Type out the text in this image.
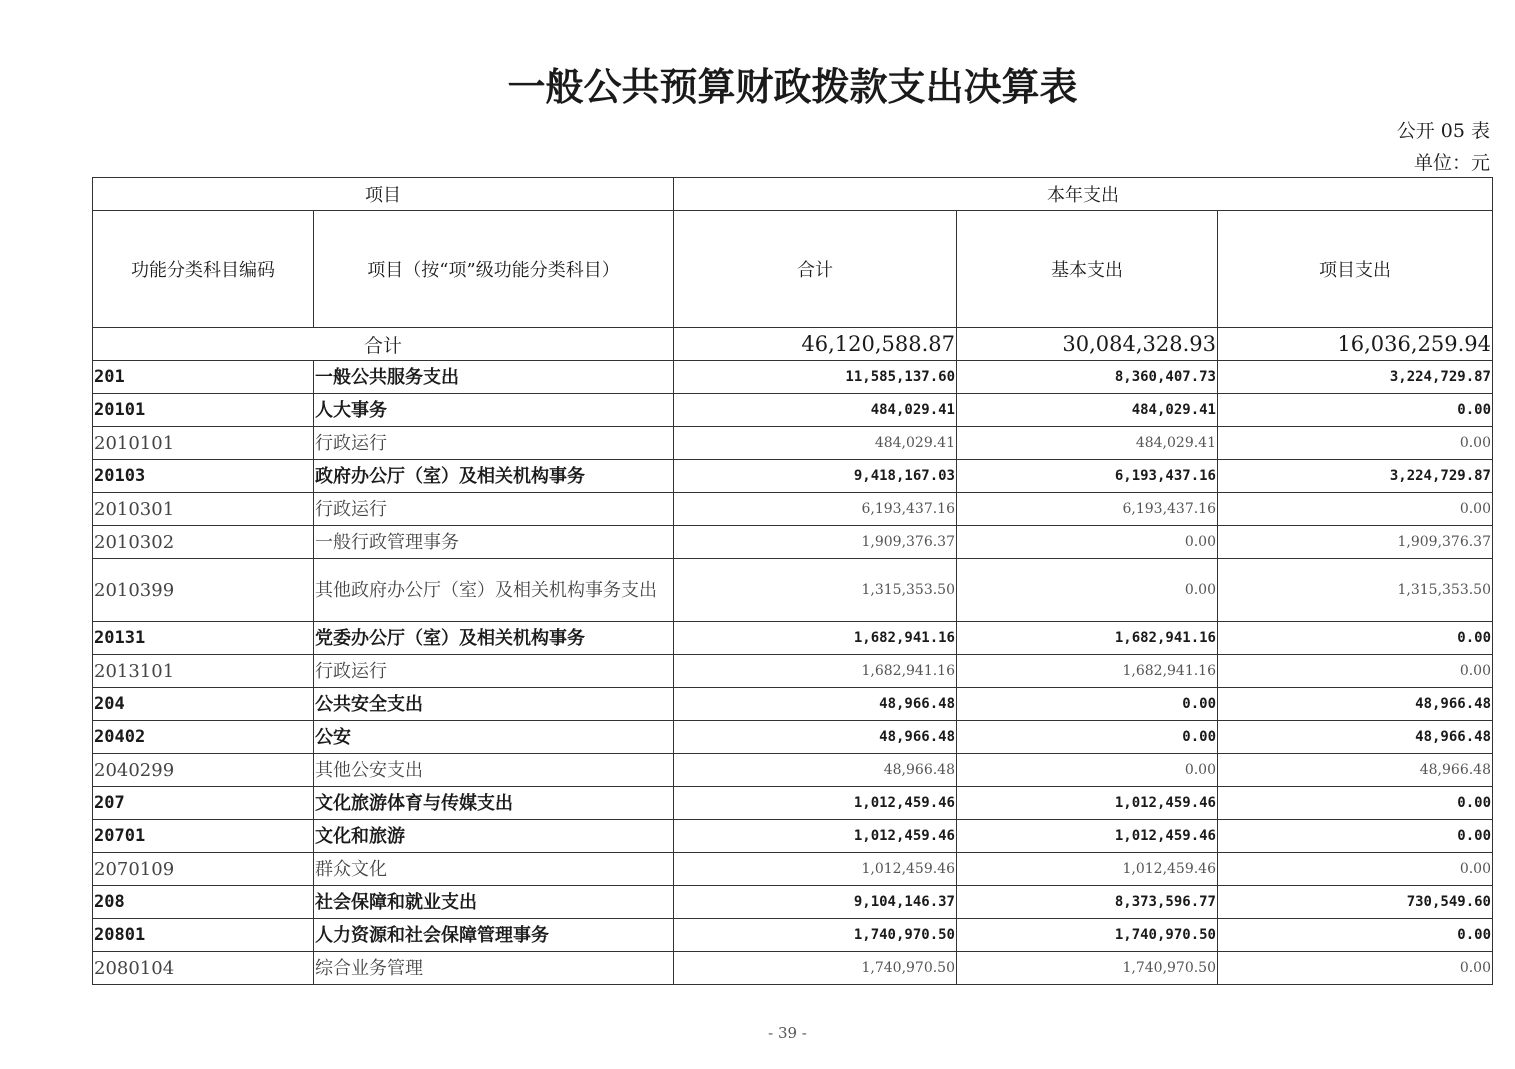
一般公共预算财政拨款支出决算表
公开 05 表
单位：元
项目		本年支出		
功能分类科目编码	项目（按“项”级功能分类科目）	合计	基本支出	项目支出
合计		46,120,588.87	30,084,328.93	16,036,259.94
201	一般公共服务支出	11,585,137.60	8,360,407.73	3,224,729.87
20101	人大事务	484,029.41	484,029.41	0.00
2010101	行政运行	484,029.41	484,029.41	0.00
20103	政府办公厅（室）及相关机构事务	9,418,167.03	6,193,437.16	3,224,729.87
2010301	行政运行	6,193,437.16	6,193,437.16	0.00
2010302	一般行政管理事务	1,909,376.37	0.00	1,909,376.37
2010399	其他政府办公厅（室）及相关机构事务支出	1,315,353.50	0.00	1,315,353.50
20131	党委办公厅（室）及相关机构事务	1,682,941.16	1,682,941.16	0.00
2013101	行政运行	1,682,941.16	1,682,941.16	0.00
204	公共安全支出	48,966.48	0.00	48,966.48
20402	公安	48,966.48	0.00	48,966.48
2040299	其他公安支出	48,966.48	0.00	48,966.48
207	文化旅游体育与传媒支出	1,012,459.46	1,012,459.46	0.00
20701	文化和旅游	1,012,459.46	1,012,459.46	0.00
2070109	群众文化	1,012,459.46	1,012,459.46	0.00
208	社会保障和就业支出	9,104,146.37	8,373,596.77	730,549.60
20801	人力资源和社会保障管理事务	1,740,970.50	1,740,970.50	0.00
2080104	综合业务管理	1,740,970.50	1,740,970.50	0.00
- 39 -
